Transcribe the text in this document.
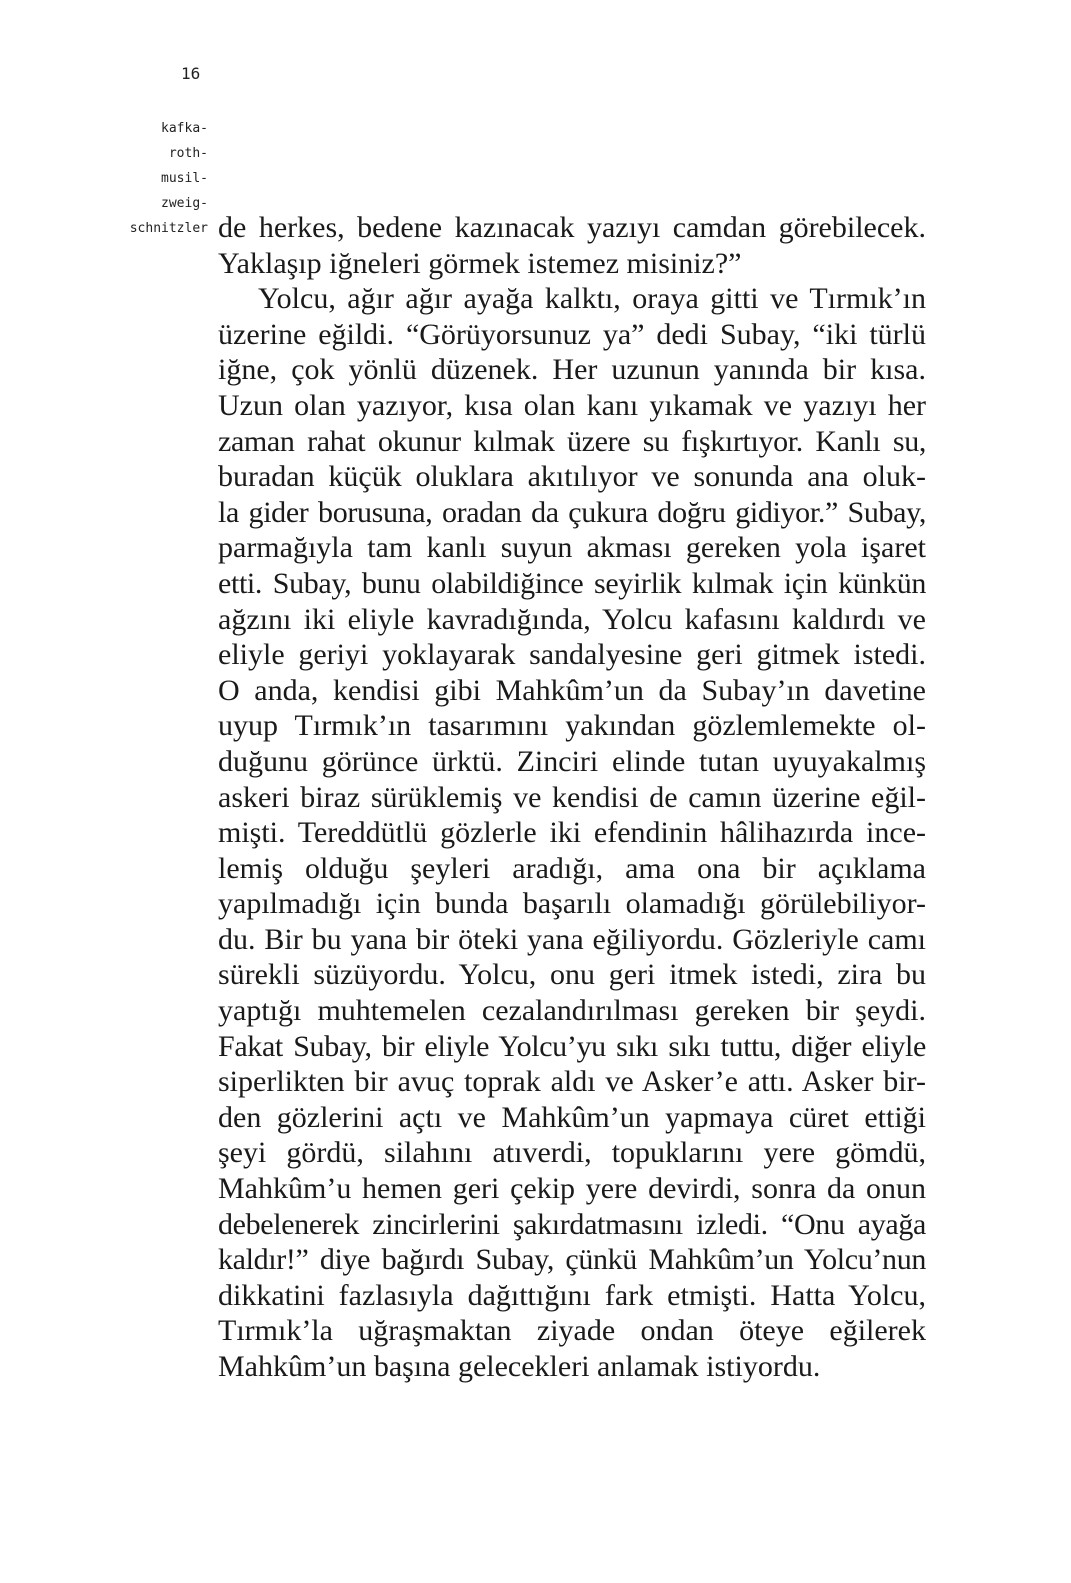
16
kafka-
roth-
musil-
zweig-
schnitzler de herkes, bedene kazınacak yazıyı camdan görebilecek.
Yaklaşıp iğneleri görmek istemez misiniz?”
Yolcu, ağır ağır ayağa kalktı, oraya gitti ve Tırmık’ın
üzerine eğildi. “Görüyorsunuz ya” dedi Subay, “iki türlü
iğne, çok yönlü düzenek. Her uzunun yanında bir kısa.
Uzun olan yazıyor, kısa olan kanı yıkamak ve yazıyı her
zaman rahat okunur kılmak üzere su fışkırtıyor. Kanlı su,
buradan küçük oluklara akıtılıyor ve sonunda ana oluk-
la gider borusuna, oradan da çukura doğru gidiyor.” Subay,
parmağıyla tam kanlı suyun akması gereken yola işaret
etti. Subay, bunu olabildiğince seyirlik kılmak için künkün
ağzını iki eliyle kavradığında, Yolcu kafasını kaldırdı ve
eliyle geriyi yoklayarak sandalyesine geri gitmek istedi.
O anda, kendisi gibi Mahkûm’un da Subay’ın davetine
uyup Tırmık’ın tasarımını yakından gözlemlemekte ol-
duğunu görünce ürktü. Zinciri elinde tutan uyuyakalmış
askeri biraz sürüklemiş ve kendisi de camın üzerine eğil-
mişti. Tereddütlü gözlerle iki efendinin hâlihazırda ince-
lemiş olduğu şeyleri aradığı, ama ona bir açıklama
yapılmadığı için bunda başarılı olamadığı görülebiliyor-
du. Bir bu yana bir öteki yana eğiliyordu. Gözleriyle camı
sürekli süzüyordu. Yolcu, onu geri itmek istedi, zira bu
yaptığı muhtemelen cezalandırılması gereken bir şeydi.
Fakat Subay, bir eliyle Yolcu’yu sıkı sıkı tuttu, diğer eliyle
siperlikten bir avuç toprak aldı ve Asker’e attı. Asker bir-
den gözlerini açtı ve Mahkûm’un yapmaya cüret ettiği
şeyi gördü, silahını atıverdi, topuklarını yere gömdü,
Mahkûm’u hemen geri çekip yere devirdi, sonra da onun
debelenerek zincirlerini şakırdatmasını izledi. “Onu ayağa
kaldır!” diye bağırdı Subay, çünkü Mahkûm’un Yolcu’nun
dikkatini fazlasıyla dağıttığını fark etmişti. Hatta Yolcu,
Tırmık’la uğraşmaktan ziyade ondan öteye eğilerek
Mahkûm’un başına gelecekleri anlamak istiyordu.
